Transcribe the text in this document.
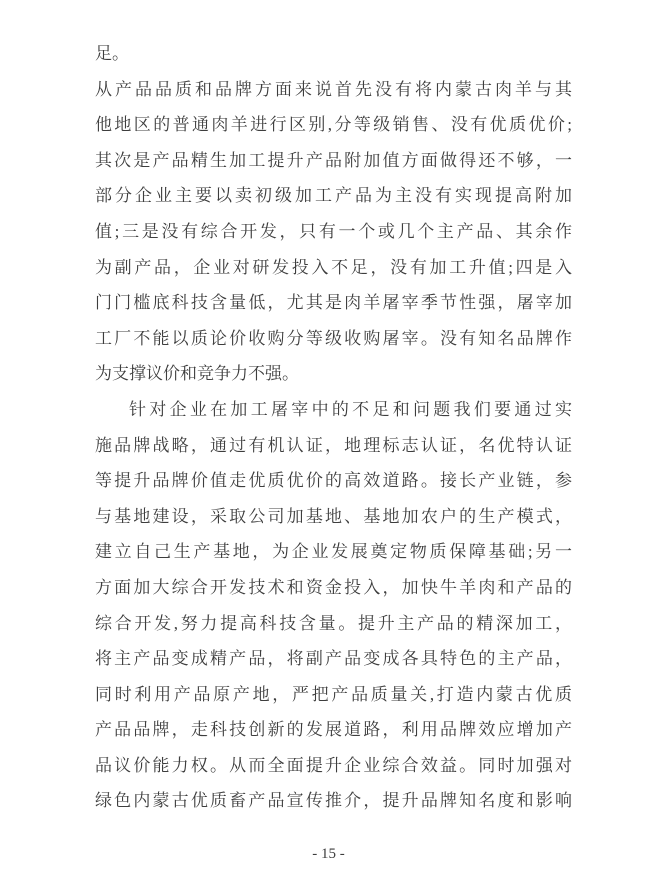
足。
从产品品质和品牌方面来说首先没有将内蒙古肉羊与其
他地区的普通肉羊进行区别,分等级销售、没有优质优价;
其次是产品精生加工提升产品附加值方面做得还不够，一
部分企业主要以卖初级加工产品为主没有实现提高附加
值;三是没有综合开发，只有一个或几个主产品、其余作
为副产品，企业对研发投入不足，没有加工升值;四是入
门门槛底科技含量低，尤其是肉羊屠宰季节性强，屠宰加
工厂不能以质论价收购分等级收购屠宰。没有知名品牌作
为支撑议价和竞争力不强。
针对企业在加工屠宰中的不足和问题我们要通过实
施品牌战略，通过有机认证，地理标志认证，名优特认证
等提升品牌价值走优质优价的高效道路。接长产业链，参
与基地建设，采取公司加基地、基地加农户的生产模式，
建立自己生产基地，为企业发展奠定物质保障基础;另一
方面加大综合开发技术和资金投入，加快牛羊肉和产品的
综合开发,努力提高科技含量。提升主产品的精深加工，
将主产品变成精产品，将副产品变成各具特色的主产品，
同时利用产品原产地，严把产品质量关,打造内蒙古优质
产品品牌，走科技创新的发展道路，利用品牌效应增加产
品议价能力权。从而全面提升企业综合效益。同时加强对
绿色内蒙古优质畜产品宣传推介，提升品牌知名度和影响
- 15 -
